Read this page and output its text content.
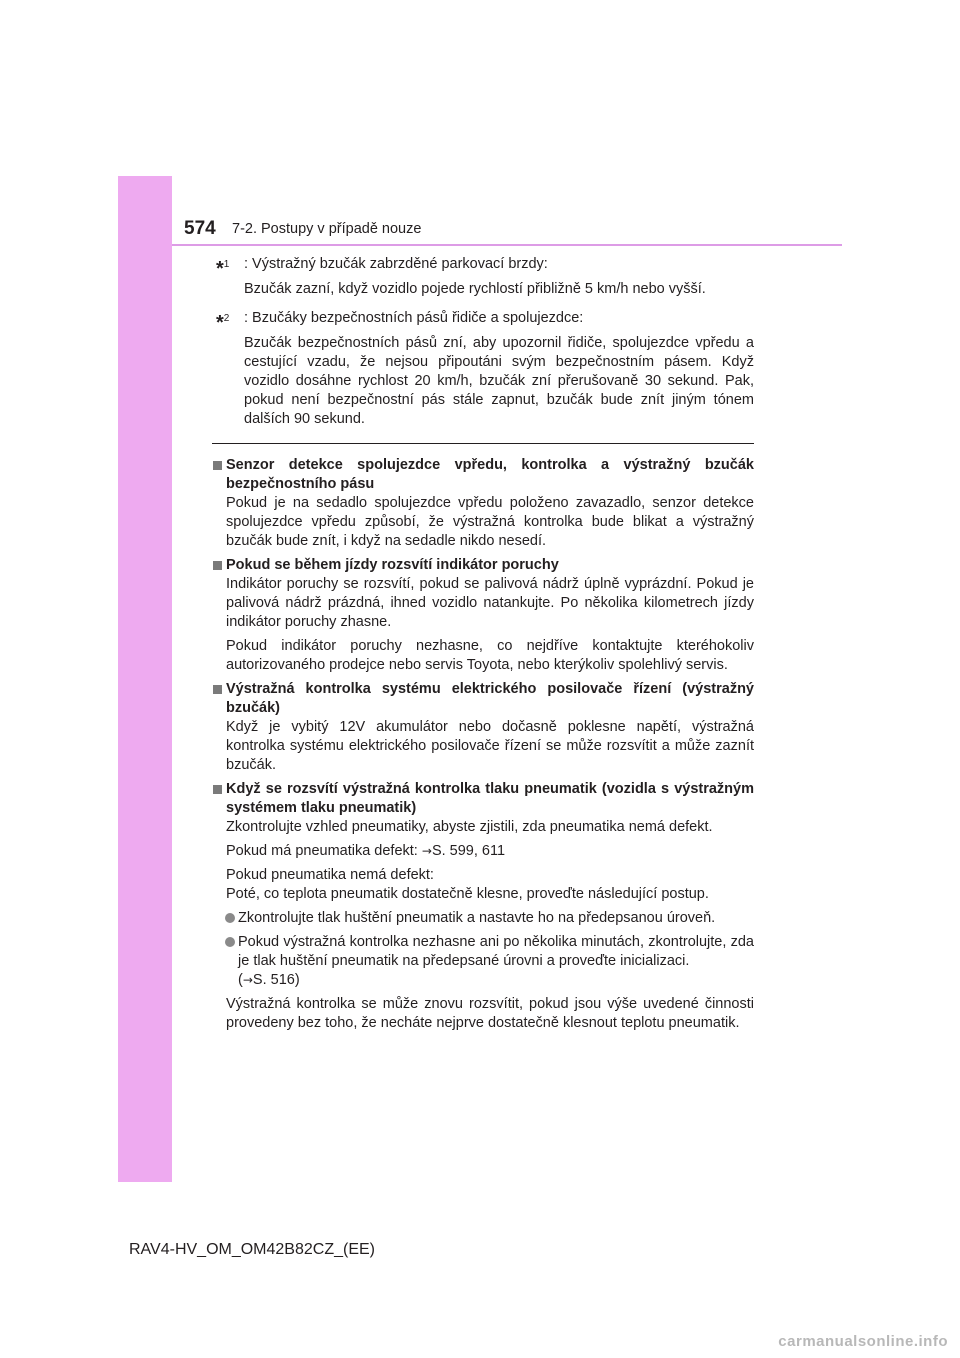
574 7-2. Postupy v případě nouze
*$^1$ : Výstražný bzučák zabrzděné parkovací brzdy:
Bzučák zazní, když vozidlo pojede rychlostí přibližně 5 km/h nebo vyšší.
*$^2$ : Bzučáky bezpečnostních pásů řidiče a spolujezdce:
Bzučák bezpečnostních pásů zní, aby upozornil řidiče, spolujezdce vpředu a cestující vzadu, že nejsou připoutáni svým bezpečnostním pásem. Když vozidlo dosáhne rychlost 20 km/h, bzučák zní přerušovaně 30 sekund. Pak, pokud není bezpečnostní pás stále zapnut, bzučák bude znít jiným tónem dalších 90 sekund.
Senzor detekce spolujezdce vpředu, kontrolka a výstražný bzučák bezpečnostního pásu
Pokud je na sedadlo spolujezdce vpředu položeno zavazadlo, senzor detekce spolujezdce vpředu způsobí, že výstražná kontrolka bude blikat a výstražný bzučák bude znít, i když na sedadle nikdo nesedí.
Pokud se během jízdy rozsvítí indikátor poruchy
Indikátor poruchy se rozsvítí, pokud se palivová nádrž úplně vyprázdní. Pokud je palivová nádrž prázdná, ihned vozidlo natankujte. Po několika kilometrech jízdy indikátor poruchy zhasne.
Pokud indikátor poruchy nezhasne, co nejdříve kontaktujte kteréhokoliv autorizovaného prodejce nebo servis Toyota, nebo kterýkoliv spolehlivý servis.
Výstražná kontrolka systému elektrického posilovače řízení (výstražný bzučák)
Když je vybitý 12V akumulátor nebo dočasně poklesne napětí, výstražná kontrolka systému elektrického posilovače řízení se může rozsvítit a může zaznít bzučák.
Když se rozsvítí výstražná kontrolka tlaku pneumatik (vozidla s výstražným systémem tlaku pneumatik)
Zkontrolujte vzhled pneumatiky, abyste zjistili, zda pneumatika nemá defekt.
Pokud má pneumatika defekt: →S. 599, 611
Pokud pneumatika nemá defekt:
Poté, co teplota pneumatik dostatečně klesne, proveďte následující postup.
Zkontrolujte tlak huštění pneumatik a nastavte ho na předepsanou úroveň.
Pokud výstražná kontrolka nezhasne ani po několika minutách, zkontrolujte, zda je tlak huštění pneumatik na předepsané úrovni a proveďte inicializaci.
(→S. 516)
Výstražná kontrolka se může znovu rozsvítit, pokud jsou výše uvedené činnosti provedeny bez toho, že necháte nejprve dostatečně klesnout teplotu pneumatik.
RAV4-HV_OM_OM42B82CZ_(EE)
carmanualsonline.info
